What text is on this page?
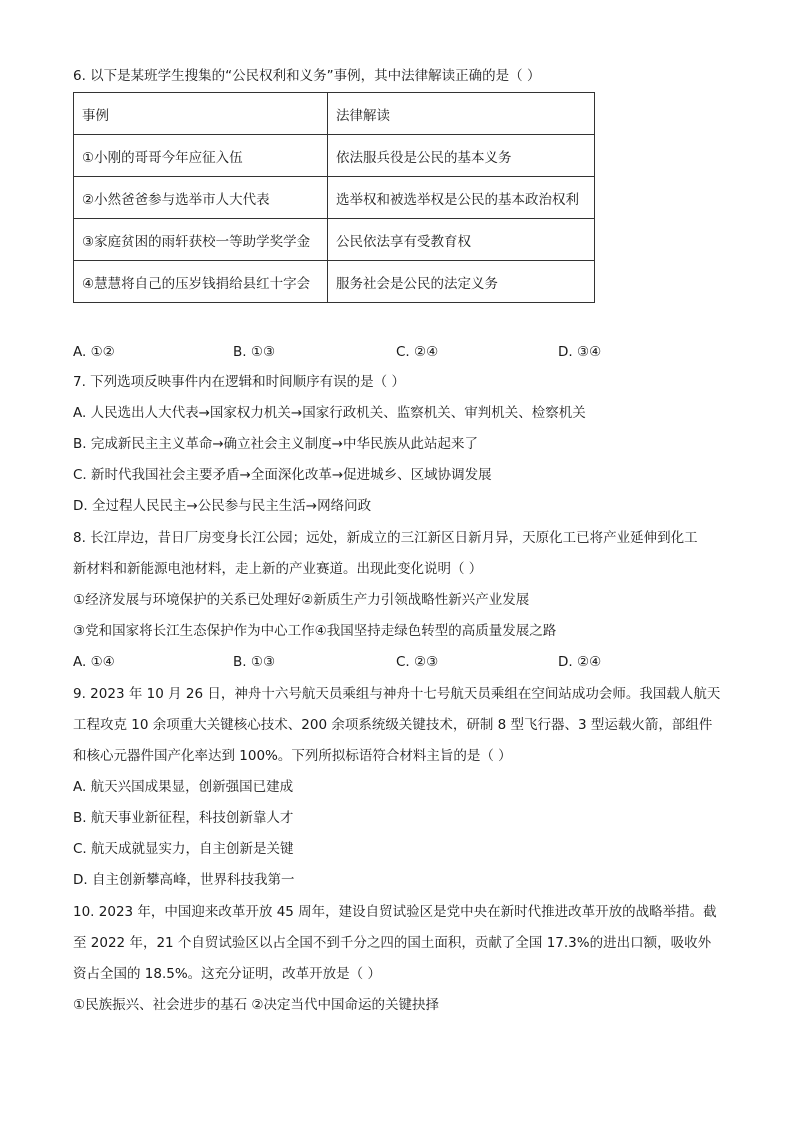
6. 以下是某班学生搜集的“公民权利和义务”事例，其中法律解读正确的是（ ）
事例	法律解读
①小刚的哥哥今年应征入伍	依法服兵役是公民的基本义务
②小然爸爸参与选举市人大代表	选举权和被选举权是公民的基本政治权利
③家庭贫困的雨轩获校一等助学奖学金	公民依法享有受教育权
④慧慧将自己的压岁钱捐给县红十字会	服务社会是公民的法定义务
A. ①②	B. ①③	C. ②④	D. ③④
7. 下列选项反映事件内在逻辑和时间顺序有误的是（ ）
A. 人民选出人大代表→国家权力机关→国家行政机关、监察机关、审判机关、检察机关
B. 完成新民主主义革命→确立社会主义制度→中华民族从此站起来了
C. 新时代我国社会主要矛盾→全面深化改革→促进城乡、区域协调发展
D. 全过程人民民主→公民参与民主生活→网络问政
8. 长江岸边，昔日厂房变身长江公园；远处，新成立的三江新区日新月异，天原化工已将产业延伸到化工
新材料和新能源电池材料，走上新的产业赛道。出现此变化说明（ ）
①经济发展与环境保护的关系已处理好②新质生产力引领战略性新兴产业发展
③党和国家将长江生态保护作为中心工作④我国坚持走绿色转型的高质量发展之路
A. ①④	B. ①③	C. ②③	D. ②④
9. 2023 年 10 月 26 日，神舟十六号航天员乘组与神舟十七号航天员乘组在空间站成功会师。我国载人航天
工程攻克 10 余项重大关键核心技术、200 余项系统级关键技术，研制 8 型飞行器、3 型运载火箭，部组件
和核心元器件国产化率达到 100%。下列所拟标语符合材料主旨的是（ ）
A. 航天兴国成果显，创新强国已建成
B. 航天事业新征程，科技创新靠人才
C. 航天成就显实力，自主创新是关键
D. 自主创新攀高峰，世界科技我第一
10. 2023 年，中国迎来改革开放 45 周年，建设自贸试验区是党中央在新时代推进改革开放的战略举措。截
至 2022 年，21 个自贸试验区以占全国不到千分之四的国土面积，贡献了全国 17.3%的进出口额，吸收外
资占全国的 18.5%。这充分证明，改革开放是（ ）
①民族振兴、社会进步的基石 ②决定当代中国命运的关键抉择
